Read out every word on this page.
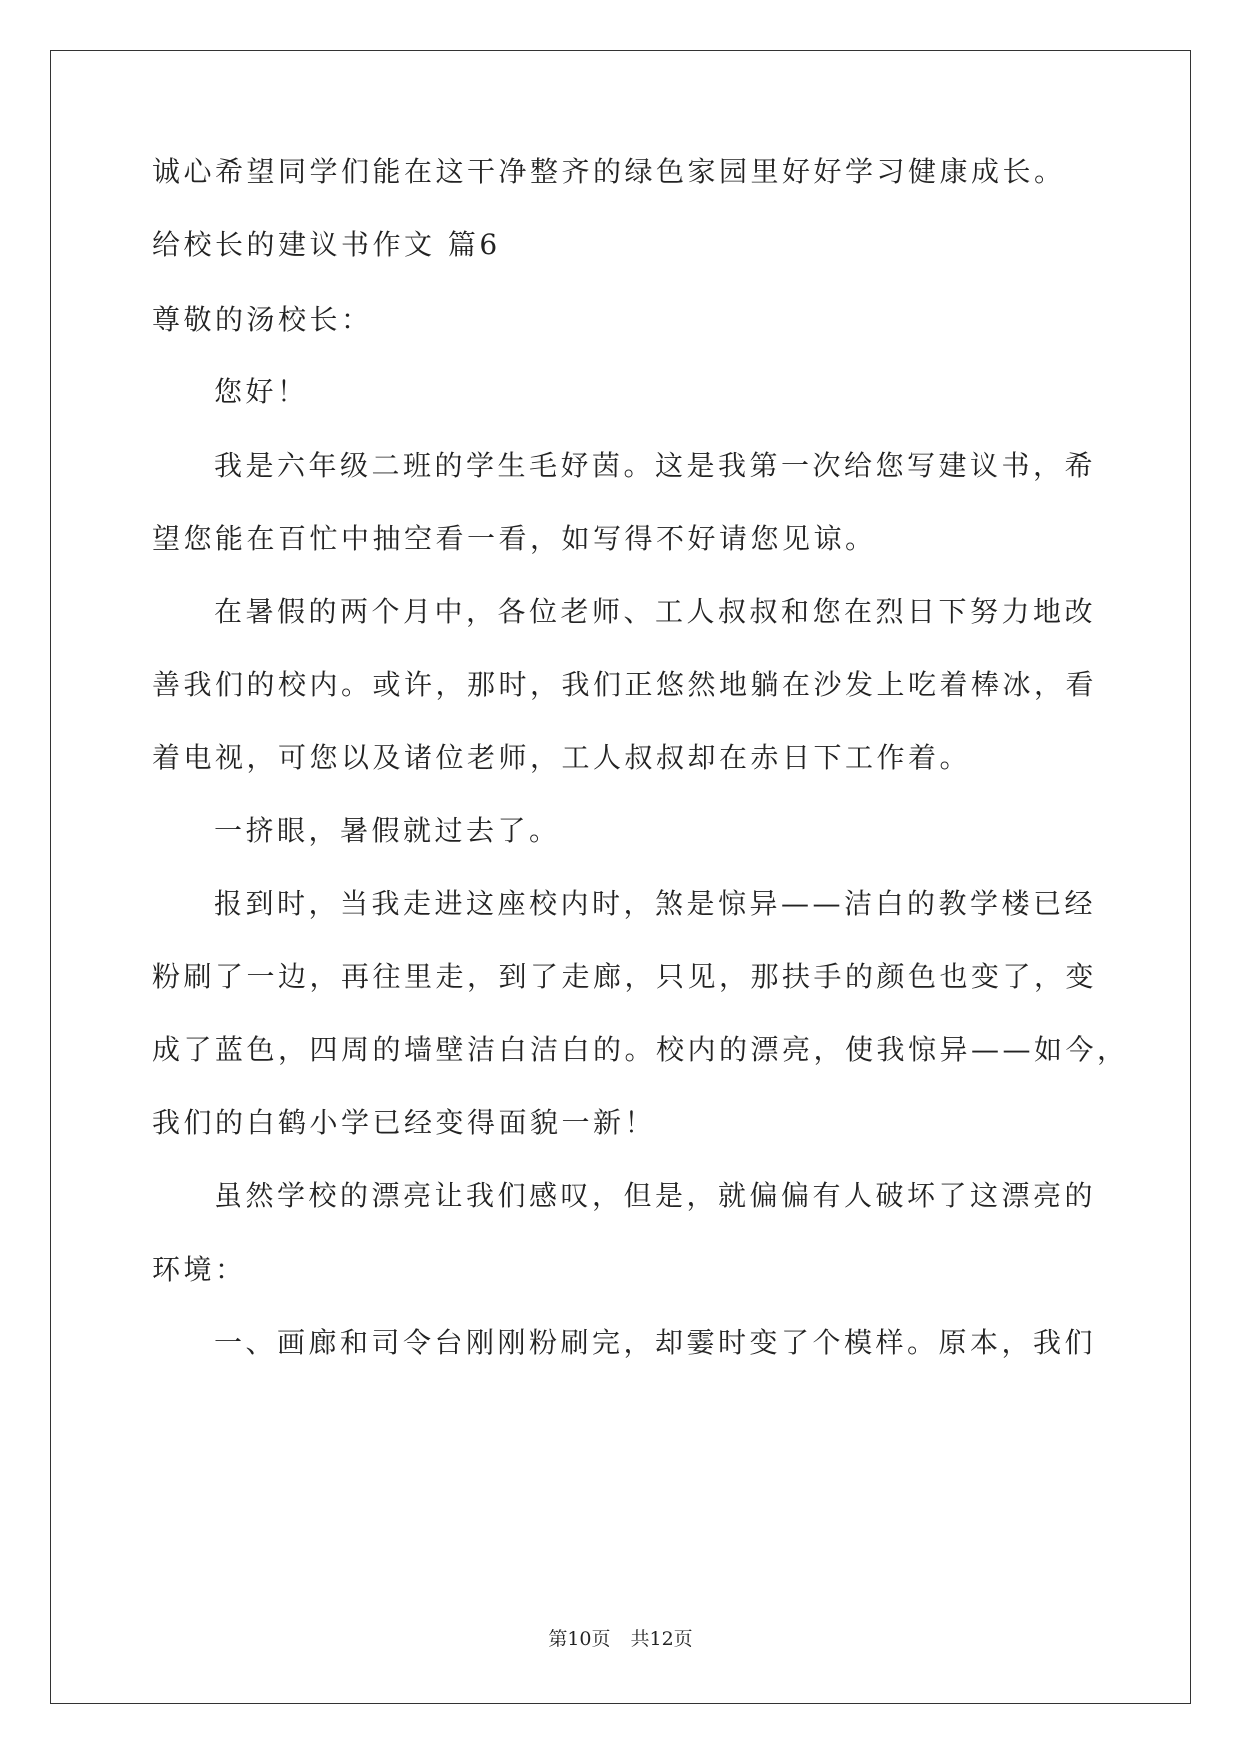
诚心希望同学们能在这干净整齐的绿色家园里好好学习健康成长。
给校长的建议书作文 篇6
尊敬的汤校长：
您好！
我是六年级二班的学生毛妤茵。这是我第一次给您写建议书，希
望您能在百忙中抽空看一看，如写得不好请您见谅。
在暑假的两个月中，各位老师、工人叔叔和您在烈日下努力地改
善我们的校内。或许，那时，我们正悠然地躺在沙发上吃着棒冰，看
着电视，可您以及诸位老师，工人叔叔却在赤日下工作着。
一挤眼，暑假就过去了。
报到时，当我走进这座校内时，煞是惊异——洁白的教学楼已经
粉刷了一边，再往里走，到了走廊，只见，那扶手的颜色也变了，变
成了蓝色，四周的墙壁洁白洁白的。校内的漂亮，使我惊异——如今，
我们的白鹤小学已经变得面貌一新！
虽然学校的漂亮让我们感叹，但是，就偏偏有人破坏了这漂亮的
环境：
一、画廊和司令台刚刚粉刷完，却霎时变了个模样。原本，我们
第10页 共12页
